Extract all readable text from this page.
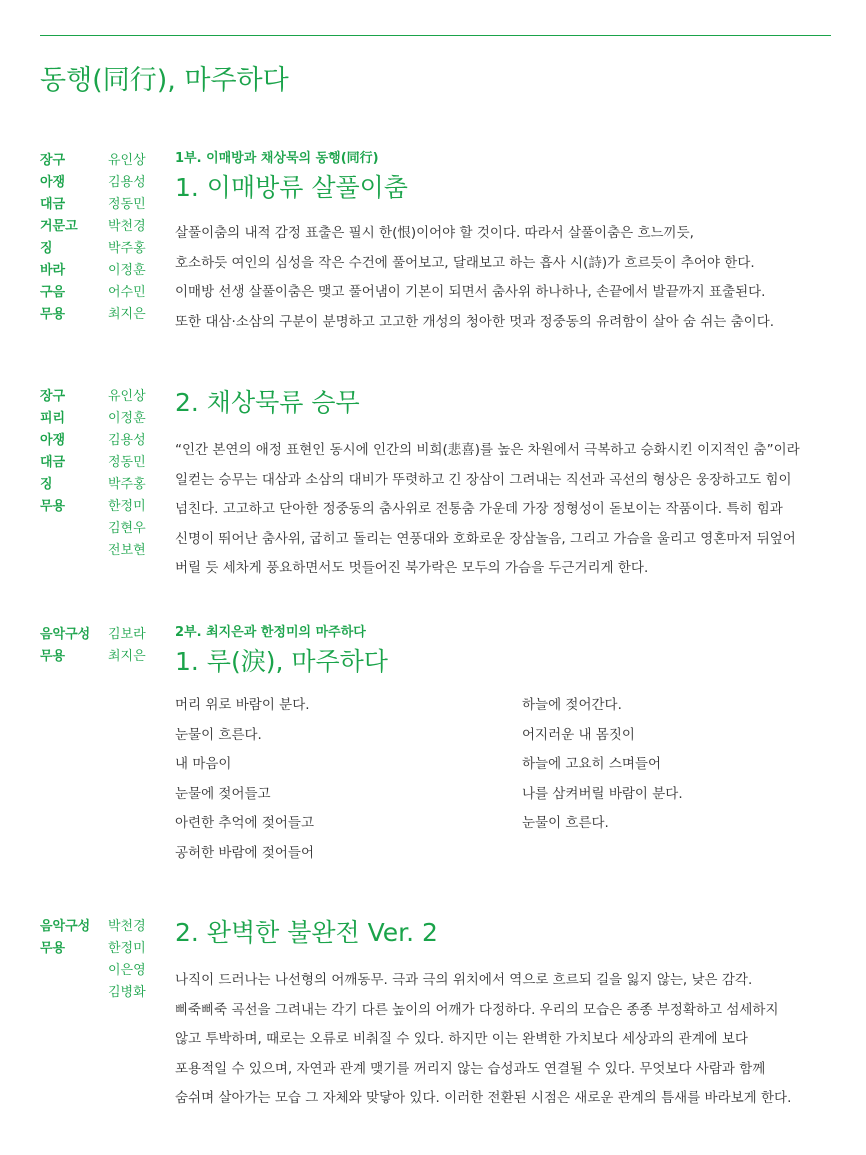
동행(同行), 마주하다
장구	유인상
아쟁	김용성
대금	정동민
거문고	박천경
징	박주홍
바라	이정훈
구음	어수민
무용	최지은
1부. 이매방과 채상묵의 동행(同行)
1. 이매방류 살풀이춤
살풀이춤의 내적 감정 표출은 필시 한(恨)이어야 할 것이다. 따라서 살풀이춤은 흐느끼듯,
호소하듯 여인의 심성을 작은 수건에 풀어보고, 달래보고 하는 흡사 시(詩)가 흐르듯이 추어야 한다.
이매방 선생 살풀이춤은 맺고 풀어냄이 기본이 되면서 춤사위 하나하나, 손끝에서 발끝까지 표출된다.
또한 대삼·소삼의 구분이 분명하고 고고한 개성의 청아한 멋과 정중동의 유려함이 살아 숨 쉬는 춤이다.
장구	유인상
피리	이정훈
아쟁	김용성
대금	정동민
징	박주홍
무용	한정미
김현우
전보현
2. 채상묵류 승무
“인간 본연의 애정 표현인 동시에 인간의 비희(悲喜)를 높은 차원에서 극복하고 승화시킨 이지적인 춤”이라
일컫는 승무는 대삼과 소삼의 대비가 뚜렷하고 긴 장삼이 그려내는 직선과 곡선의 형상은 웅장하고도 힘이
넘친다. 고고하고 단아한 정중동의 춤사위로 전통춤 가운데 가장 정형성이 돋보이는 작품이다. 특히 힘과
신명이 뛰어난 춤사위, 굽히고 돌리는 연풍대와 호화로운 장삼놀음, 그리고 가슴을 울리고 영혼마저 뒤엎어
버릴 듯 세차게 풍요하면서도 멋들어진 북가락은 모두의 가슴을 두근거리게 한다.
음악구성	김보라
무용	최지은
2부. 최지은과 한정미의 마주하다
1. 루(淚), 마주하다
머리 위로 바람이 분다.
눈물이 흐른다.
내 마음이
눈물에 젖어들고
아련한 추억에 젖어들고
공허한 바람에 젖어들어
하늘에 젖어간다.
어지러운 내 몸짓이
하늘에 고요히 스며들어
나를 삼켜버릴 바람이 분다.
눈물이 흐른다.
음악구성	박천경
무용	한정미
이은영
김병화
2. 완벽한 불완전 Ver. 2
나직이 드러나는 나선형의 어깨동무. 극과 극의 위치에서 역으로 흐르되 길을 잃지 않는, 낮은 감각.
삐죽삐죽 곡선을 그려내는 각기 다른 높이의 어깨가 다정하다. 우리의 모습은 종종 부정확하고 섬세하지
않고 투박하며, 때로는 오류로 비춰질 수 있다. 하지만 이는 완벽한 가치보다 세상과의 관계에 보다
포용적일 수 있으며, 자연과 관계 맺기를 꺼리지 않는 습성과도 연결될 수 있다. 무엇보다 사람과 함께
숨쉬며 살아가는 모습 그 자체와 맞닿아 있다. 이러한 전환된 시점은 새로운 관계의 틈새를 바라보게 한다.
